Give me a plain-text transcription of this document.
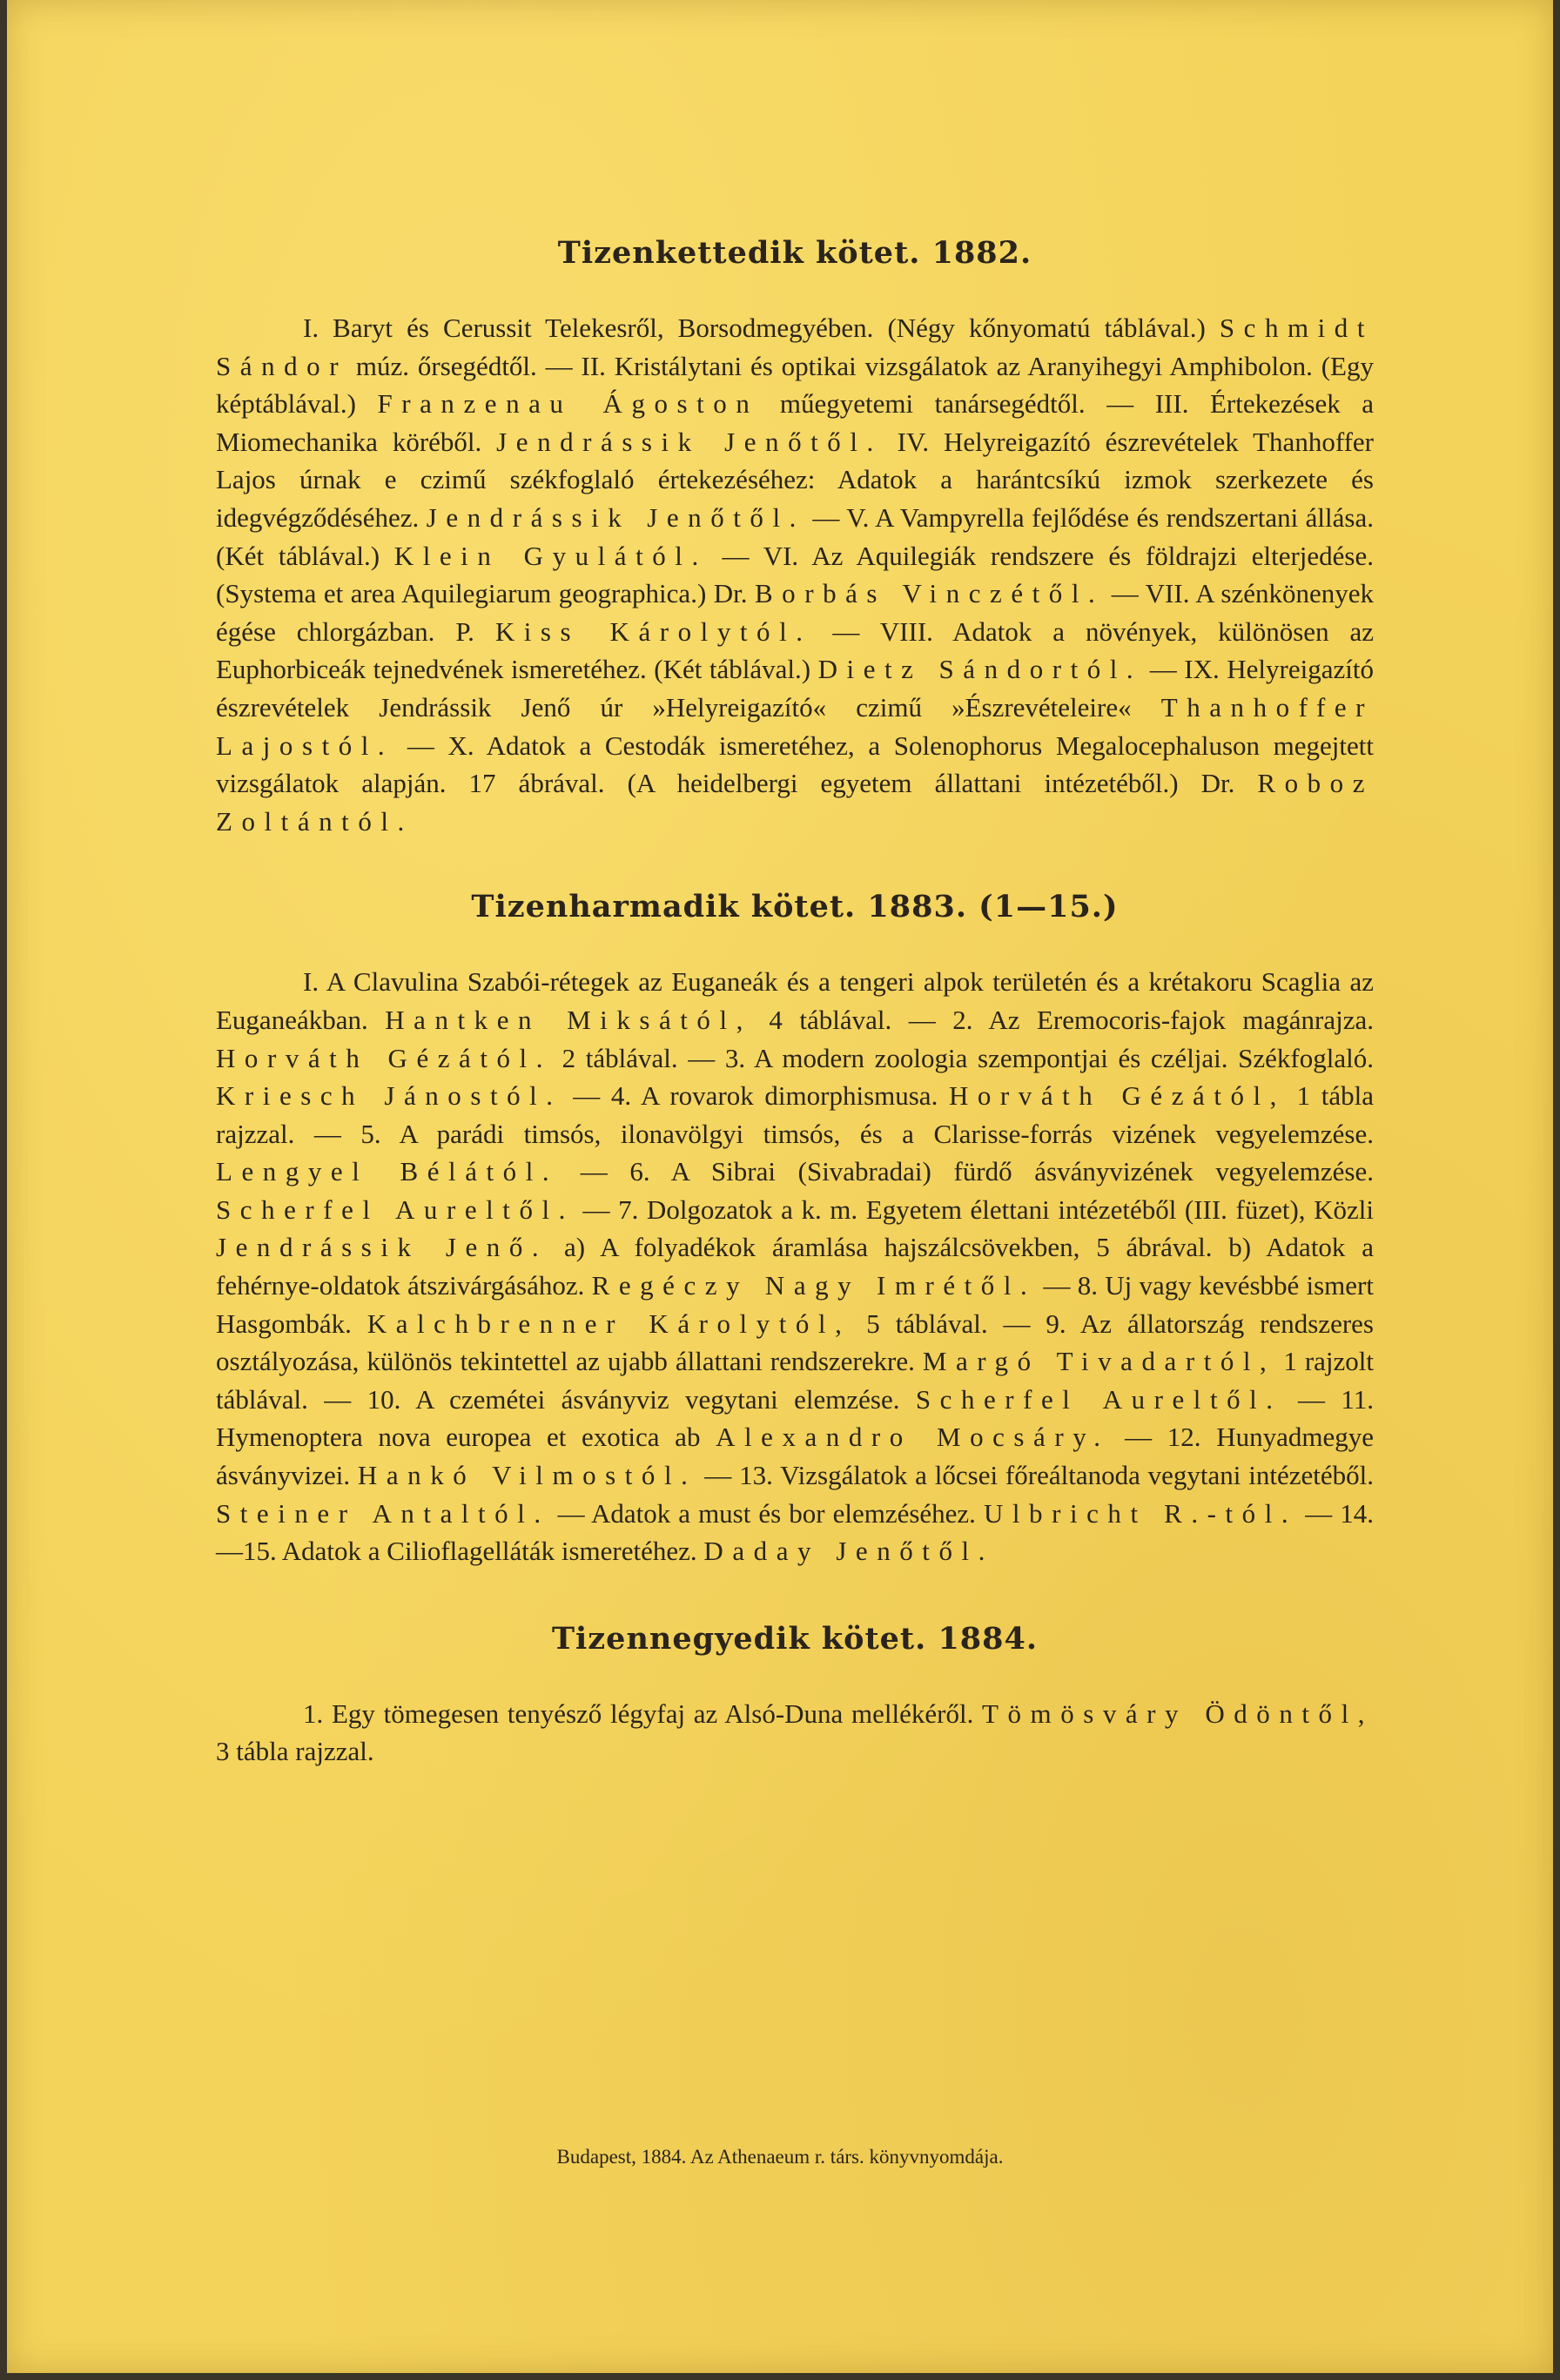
Tizenkettedik kötet. 1882.

I. Baryt és Cerussit Telekesről, Borsodmegyében. (Négy kőnyomatú táblával.) Schmidt Sándor múz. őrsegédtől. — II. Kristálytani és optikai vizsgálatok az Aranyihegyi Amphibolon. (Egy képtáblával.) Franzenau Ágoston műegyetemi tanársegédtől. — III. Értekezések a Miomechanika köréből. Jendrássik Jenőtől. IV. Helyreigazító észrevételek Thanhoffer Lajos úrnak e czimű székfoglaló értekezéséhez: Adatok a harántcsíkú izmok szerkezete és idegvégződéséhez. Jendrássik Jenőtől. — V. A Vampyrella fejlődése és rendszertani állása. (Két táblával.) Klein Gyulától. — VI. Az Aquilegiák rendszere és földrajzi elterjedése. (Systema et area Aquilegiarum geographica.) Dr. Borbás Vinczétől. — VII. A szénkönenyek égése chlorgázban. P. Kiss Károlytól. — VIII. Adatok a növények, különösen az Euphorbiceák tejnedvének ismeretéhez. (Két táblával.) Dietz Sándortól. — IX. Helyreigazító észrevételek Jendrássik Jenő úr »Helyreigazító« czimű »Észrevételeire« Thanhoffer Lajostól. — X. Adatok a Cestodák ismeretéhez, a Solenophorus Megalocephaluson megejtett vizsgálatok alapján. 17 ábrával. (A heidelbergi egyetem állattani intézetéből.) Dr. Roboz Zoltántól.

Tizenharmadik kötet. 1883. (1—15.)

I. A Clavulina Szabói-rétegek az Euganeák és a tengeri alpok területén és a krétakoru Scaglia az Euganeákban. Hantken Miksától, 4 táblával. — 2. Az Eremocoris-fajok magánrajza. Horváth Gézától. 2 táblával. — 3. A modern zoologia szempontjai és czéljai. Székfoglaló. Kriesch Jánostól. — 4. A rovarok dimorphismusa. Horváth Gézától, 1 tábla rajzzal. — 5. A parádi timsós, ilonavölgyi timsós, és a Clarisse-forrás vizének vegyelemzése. Lengyel Bélától. — 6. A Sibrai (Sivabradai) fürdő ásványvizének vegyelemzése. Scherfel Aureltől. — 7. Dolgozatok a k. m. Egyetem élettani intézetéből (III. füzet), Közli Jendrássik Jenő. a) A folyadékok áramlása hajszálcsövekben, 5 ábrával. b) Adatok a fehérnye-oldatok átszivárgásához. Regéczy Nagy Imrétől. — 8. Uj vagy kevésbbé ismert Hasgombák. Kalchbrenner Károlytól, 5 táblával. — 9. Az állatország rendszeres osztályozása, különös tekintettel az ujabb állattani rendszerekre. Margó Tivadartól, 1 rajzolt táblával. — 10. A czemétei ásványviz vegytani elemzése. Scherfel Aureltől. — 11. Hymenoptera nova europea et exotica ab Alexandro Mocsáry. — 12. Hunyadmegye ásványvizei. Hankó Vilmostól. — 13. Vizsgálatok a lőcsei főreáltanoda vegytani intézetéből. Steiner Antaltól. — Adatok a must és bor elemzéséhez. Ulbricht R.-tól. — 14.—15. Adatok a Cilioflagelláták ismeretéhez. Daday Jenőtől.

Tizennegyedik kötet. 1884.

1. Egy tömegesen tenyésző légyfaj az Alsó-Duna mellékéről. Tömösváry Ödöntől, 3 tábla rajzzal.

Budapest, 1884. Az Athenaeum r. társ. könyvnyomdája.
